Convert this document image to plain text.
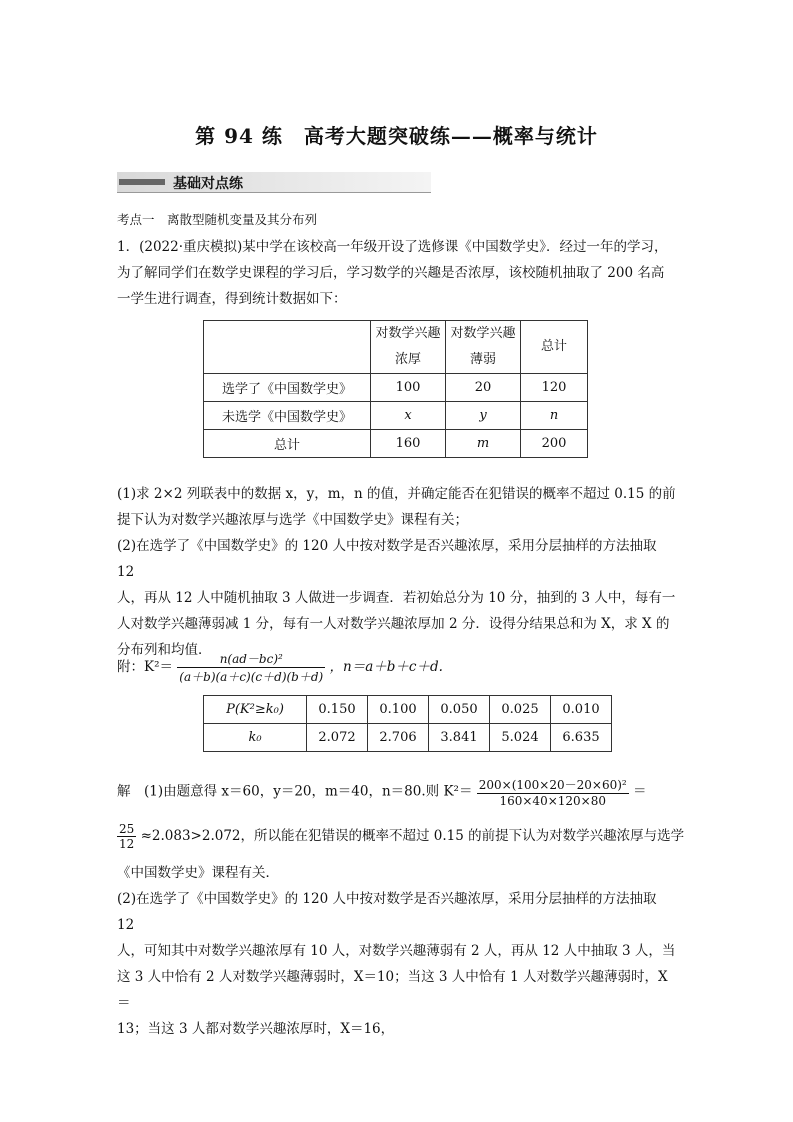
第 94 练　高考大题突破练——概率与统计
基础对点练
考点一　离散型随机变量及其分布列
1．(2022·重庆模拟)某中学在该校高一年级开设了选修课《中国数学史》．经过一年的学习，
为了解同学们在数学史课程的学习后，学习数学的兴趣是否浓厚，该校随机抽取了 200 名高
一学生进行调查，得到统计数据如下：
	对数学兴趣浓厚	对数学兴趣薄弱	总计
选学了《中国数学史》	100	20	120
未选学《中国数学史》	x	y	n
总计	160	m	200
(1)求 2×2 列联表中的数据 x，y，m，n 的值，并确定能否在犯错误的概率不超过 0.15 的前
提下认为对数学兴趣浓厚与选学《中国数学史》课程有关；
(2)在选学了《中国数学史》的 120 人中按对数学是否兴趣浓厚，采用分层抽样的方法抽取 12
人，再从 12 人中随机抽取 3 人做进一步调查．若初始总分为 10 分，抽到的 3 人中，每有一
人对数学兴趣薄弱减 1 分，每有一人对数学兴趣浓厚加 2 分．设得分结果总和为 X，求 X 的
分布列和均值．
附：$K^2= \frac{\text{n(ad－bc)²}}{(a+b)(a+c)(c+d)(b+d)}$ ，n＝a＋b＋c＋d.
P(K²≥k₀)	0.150	0.100	0.050	0.025	0.010
k₀	2.072	2.706	3.841	5.024	6.635
解　(1)由题意得 x＝60，y＝20，m＝40，n＝80.则 $K^2= \frac{\text{200×(100×20－20×60)²}}{160\times 40\times 120\times 80}$ ＝
$\frac{25}{12} \approx 2.083>2.072$，所以能在犯错误的概率不超过 0.15 的前提下认为对数学兴趣浓厚与选学
《中国数学史》课程有关．
(2)在选学了《中国数学史》的 120 人中按对数学是否兴趣浓厚，采用分层抽样的方法抽取 12
人，可知其中对数学兴趣浓厚有 10 人，对数学兴趣薄弱有 2 人，再从 12 人中抽取 3 人，当
这 3 人中恰有 2 人对数学兴趣薄弱时，X＝10；当这 3 人中恰有 1 人对数学兴趣薄弱时，X＝
13；当这 3 人都对数学兴趣浓厚时，X＝16，
